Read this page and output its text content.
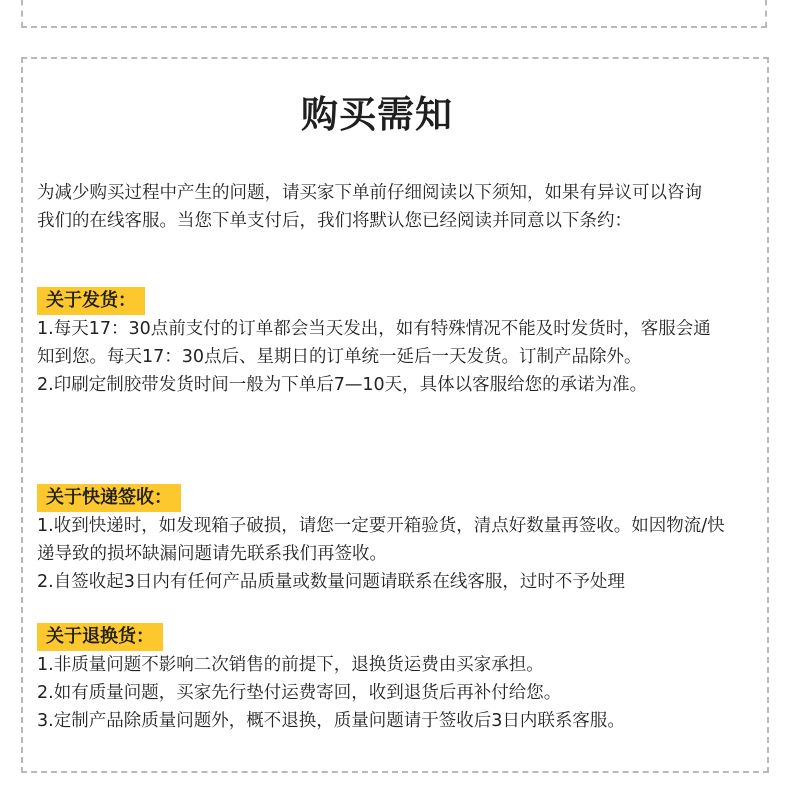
购买需知

为减少购买过程中产生的问题，请买家下单前仔细阅读以下须知，如果有异议可以咨询我们的在线客服。当您下单支付后，我们将默认您已经阅读并同意以下条约：

关于发货：

1.每天17：30点前支付的订单都会当天发出，如有特殊情况不能及时发货时，客服会通知到您。每天17：30点后、星期日的订单统一延后一天发货。订制产品除外。

2.印刷定制胶带发货时间一般为下单后7—10天，具体以客服给您的承诺为准。

关于快递签收：

1.收到快递时，如发现箱子破损，请您一定要开箱验货，清点好数量再签收。如因物流/快递导致的损坏缺漏问题请先联系我们再签收。

2.自签收起3日内有任何产品质量或数量问题请联系在线客服，过时不予处理

关于退换货：

1.非质量问题不影响二次销售的前提下，退换货运费由买家承担。

2.如有质量问题，买家先行垫付运费寄回，收到退货后再补付给您。

3.定制产品除质量问题外，概不退换，质量问题请于签收后3日内联系客服。
